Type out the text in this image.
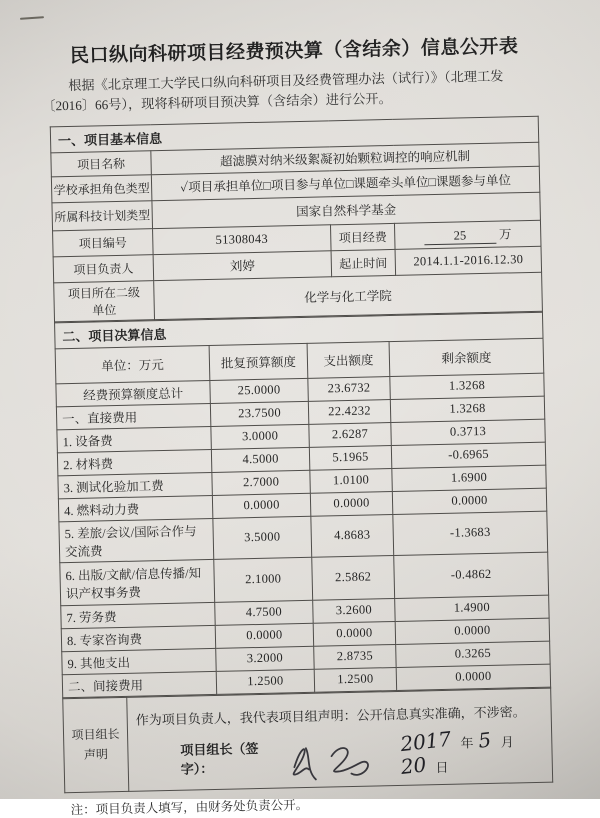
民口纵向科研项目经费预决算（含结余）信息公开表
根据《北京理工大学民口纵向科研项目及经费管理办法（试行）》（北理工发〔2016〕66号），现将科研项目预决算（含结余）进行公开。
一、项目基本信息			
项目名称	超滤膜对纳米级絮凝初始颗粒调控的响应机制		
学校承担角色类型	✓项目承担单位□项目参与单位□课题牵头单位□课题参与单位		
所属科技计划类型	国家自然科学基金		
项目编号	51308043	项目经费	25 万
项目负责人	刘婷	起止时间	2014.1.1-2016.12.30
项目所在二级
单位	化学与化工学院		
二、项目决算信息			
单位：万元	批复预算额度	支出额度	剩余额度
经费预算额度总计	25.0000	23.6732	1.3268
一、直接费用	23.7500	22.4232	1.3268
1. 设备费	3.0000	2.6287	0.3713
2. 材料费	4.5000	5.1965	-0.6965
3. 测试化验加工费	2.7000	1.0100	1.6900
4. 燃料动力费	0.0000	0.0000	0.0000
5. 差旅/会议/国际合作与交流费	3.5000	4.8683	-1.3683
6. 出版/文献/信息传播/知识产权事务费	2.1000	2.5862	-0.4862
7. 劳务费	4.7500	3.2600	1.4900
8. 专家咨询费	0.0000	0.0000	0.0000
9. 其他支出	3.2000	2.8735	0.3265
二、间接费用	1.2500	1.2500	0.0000
项目组长
声明	
作为项目负责人，我代表项目组声明：公开信息真实准确，不涉密。
项目组长（签字）：
2017 年 5 月 20 日
注：项目负责人填写，由财务处负责公开。
